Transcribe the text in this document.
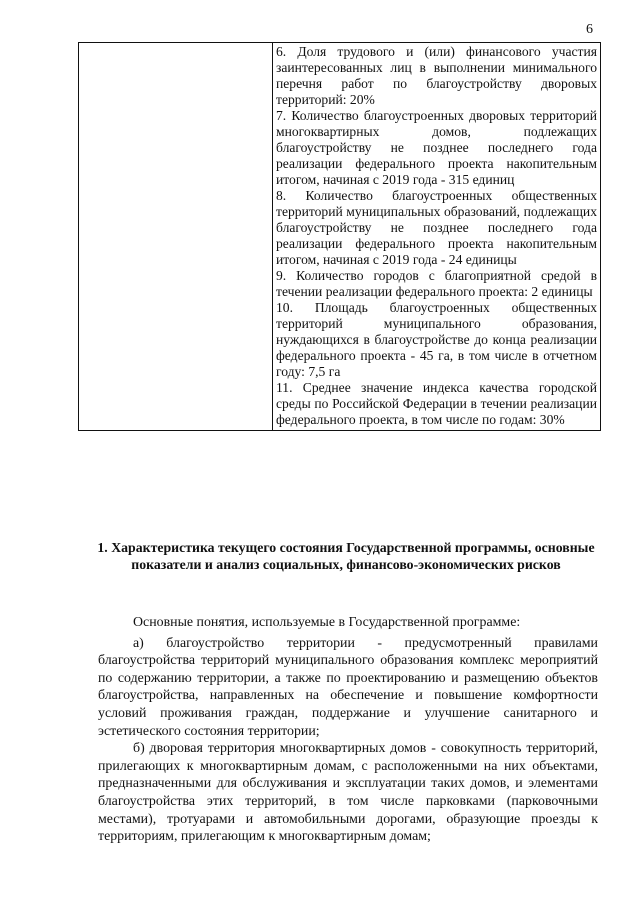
6

6. Доля трудового и (или) финансового участия заинтересованных лиц в выполнении минимального перечня работ по благоустройству дворовых территорий: 20%

7. Количество благоустроенных дворовых территорий многоквартирных домов, подлежащих благоустройству не позднее последнего года реализации федерального проекта накопительным итогом, начиная с 2019 года - 315 единиц

8. Количество благоустроенных общественных территорий муниципальных образований, подлежащих благоустройству не позднее последнего года реализации федерального проекта накопительным итогом, начиная с 2019 года - 24 единицы

9. Количество городов с благоприятной средой в течении реализации федерального проекта: 2 единицы

10. Площадь благоустроенных общественных территорий муниципального образования, нуждающихся в благоустройстве до конца реализации федерального проекта - 45 га, в том числе в отчетном году: 7,5 га

11. Среднее значение индекса качества городской среды по Российской Федерации в течении реализации федерального проекта, в том числе по годам: 30%

1. Характеристика текущего состояния Государственной программы, основные показатели и анализ социальных, финансово-экономических рисков

Основные понятия, используемые в Государственной программе:

а) благоустройство территории - предусмотренный правилами благоустройства территорий муниципального образования комплекс мероприятий по содержанию территории, а также по проектированию и размещению объектов благоустройства, направленных на обеспечение и повышение комфортности условий проживания граждан, поддержание и улучшение санитарного и эстетического состояния территории;

б) дворовая территория многоквартирных домов - совокупность территорий, прилегающих к многоквартирным домам, с расположенными на них объектами, предназначенными для обслуживания и эксплуатации таких домов, и элементами благоустройства этих территорий, в том числе парковками (парковочными местами), тротуарами и автомобильными дорогами, образующие проезды к территориям, прилегающим к многоквартирным домам;
